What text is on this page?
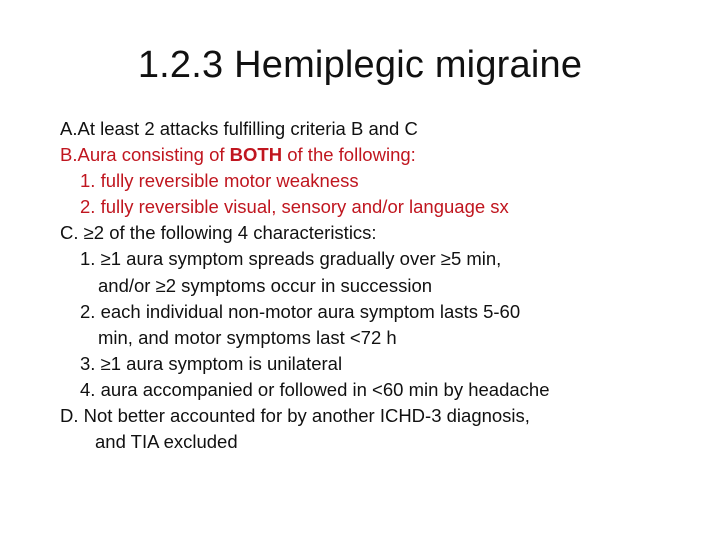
1.2.3 Hemiplegic migraine

A.At least 2 attacks fulfilling criteria B and C

B.Aura consisting of BOTH of the following:

1. fully reversible motor weakness

2. fully reversible visual, sensory and/or language sx

C. ≥2 of the following 4 characteristics:

1. ≥1 aura symptom spreads gradually over ≥5 min,

and/or ≥2 symptoms occur in succession

2. each individual non-motor aura symptom lasts 5-60

min, and motor symptoms last <72 h

3. ≥1 aura symptom is unilateral

4. aura accompanied or followed in <60 min by headache

D. Not better accounted for by another ICHD-3 diagnosis,

and TIA excluded
